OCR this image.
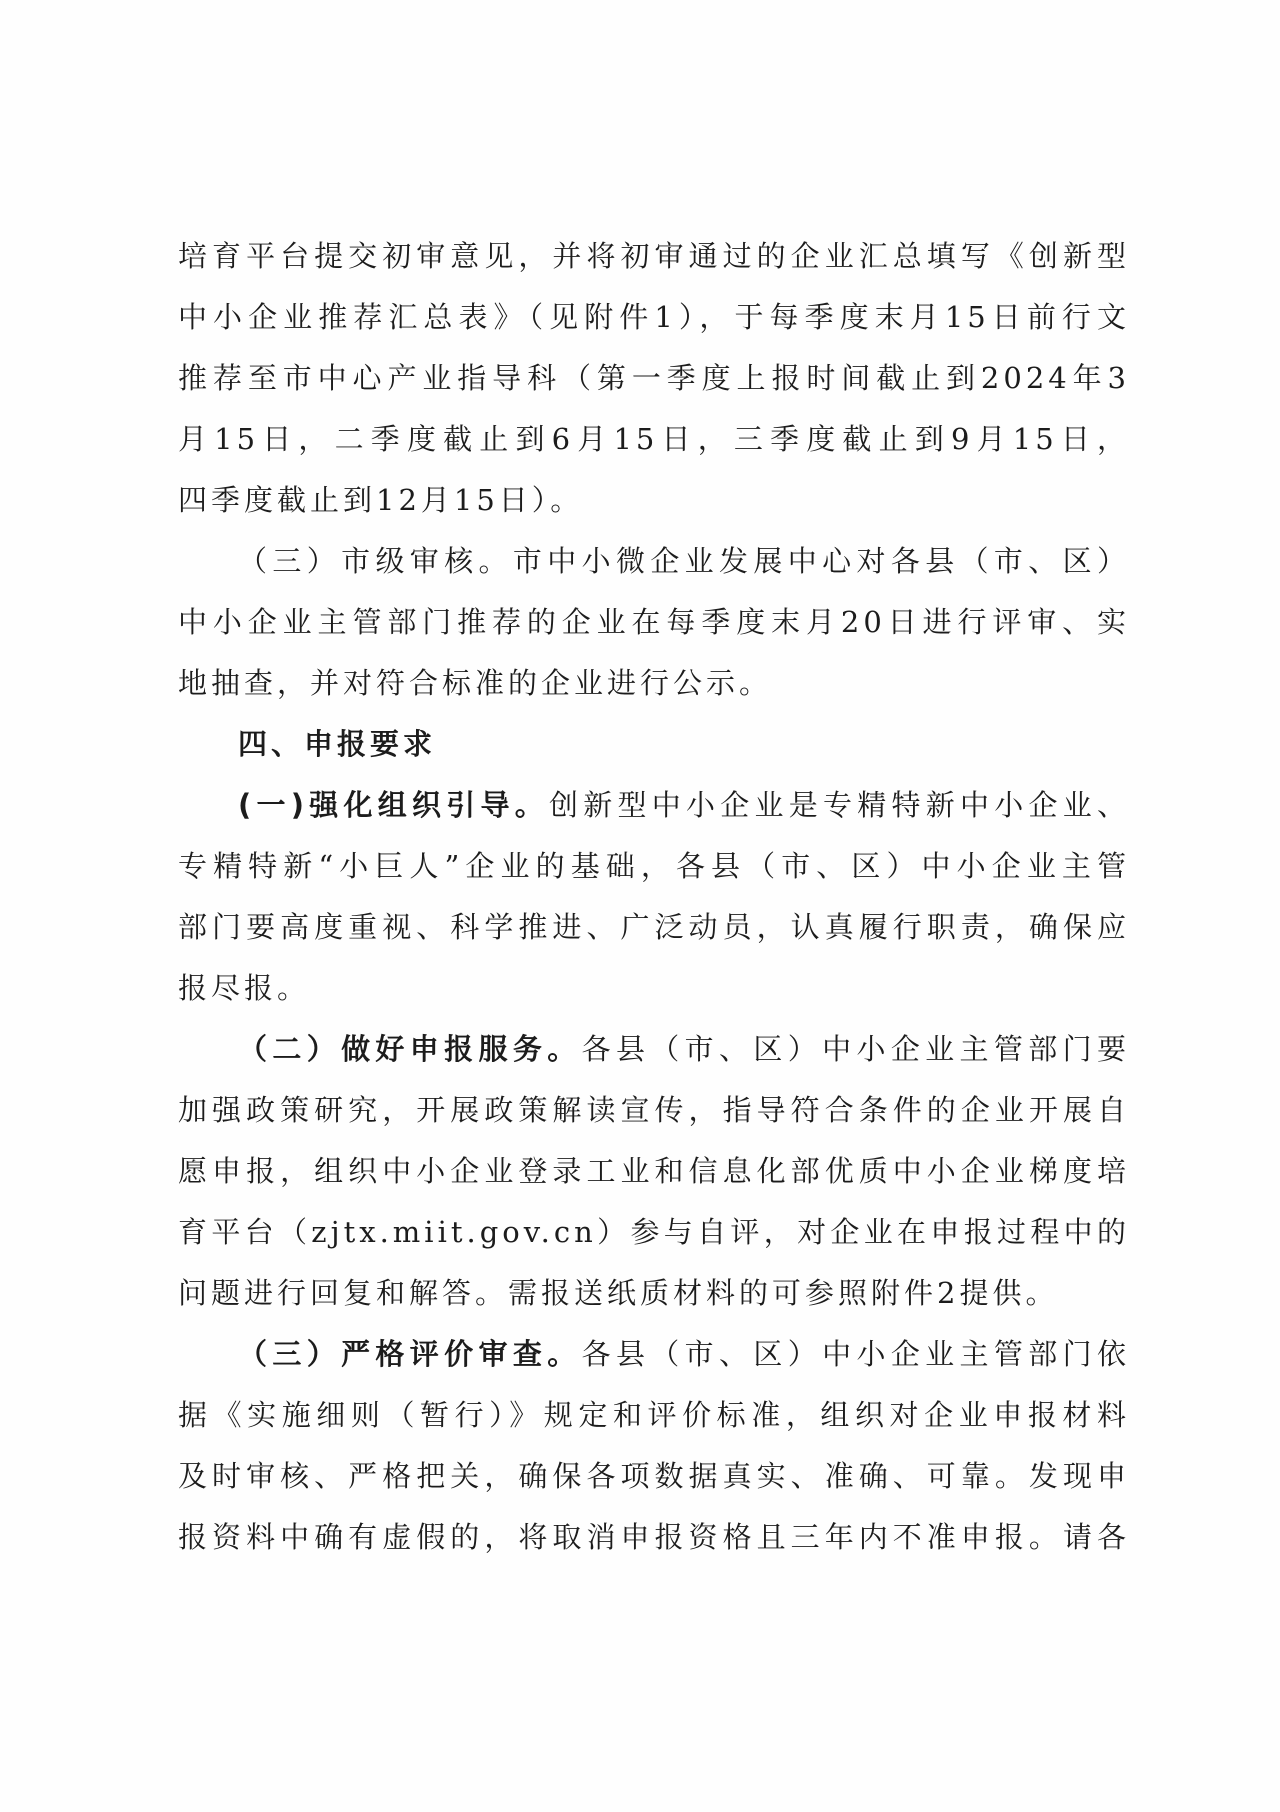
培育平台提交初审意见，并将初审通过的企业汇总填写《创新型
中小企业推荐汇总表》（见附件1），于每季度末月15日前行文
推荐至市中心产业指导科（第一季度上报时间截止到2024年3
月15日，二季度截止到6月15日，三季度截止到9月15日，
四季度截止到12月15日）。
（三）市级审核。市中小微企业发展中心对各县（市、区）
中小企业主管部门推荐的企业在每季度末月20日进行评审、实
地抽查，并对符合标准的企业进行公示。
四、申报要求
(一)强化组织引导。创新型中小企业是专精特新中小企业、
专精特新“小巨人”企业的基础，各县（市、区）中小企业主管
部门要高度重视、科学推进、广泛动员，认真履行职责，确保应
报尽报。
（二）做好申报服务。各县（市、区）中小企业主管部门要
加强政策研究，开展政策解读宣传，指导符合条件的企业开展自
愿申报，组织中小企业登录工业和信息化部优质中小企业梯度培
育平台（zjtx.miit.gov.cn）参与自评，对企业在申报过程中的
问题进行回复和解答。需报送纸质材料的可参照附件2提供。
（三）严格评价审查。各县（市、区）中小企业主管部门依
据《实施细则（暂行）》规定和评价标准，组织对企业申报材料
及时审核、严格把关，确保各项数据真实、准确、可靠。发现申
报资料中确有虚假的，将取消申报资格且三年内不准申报。请各
